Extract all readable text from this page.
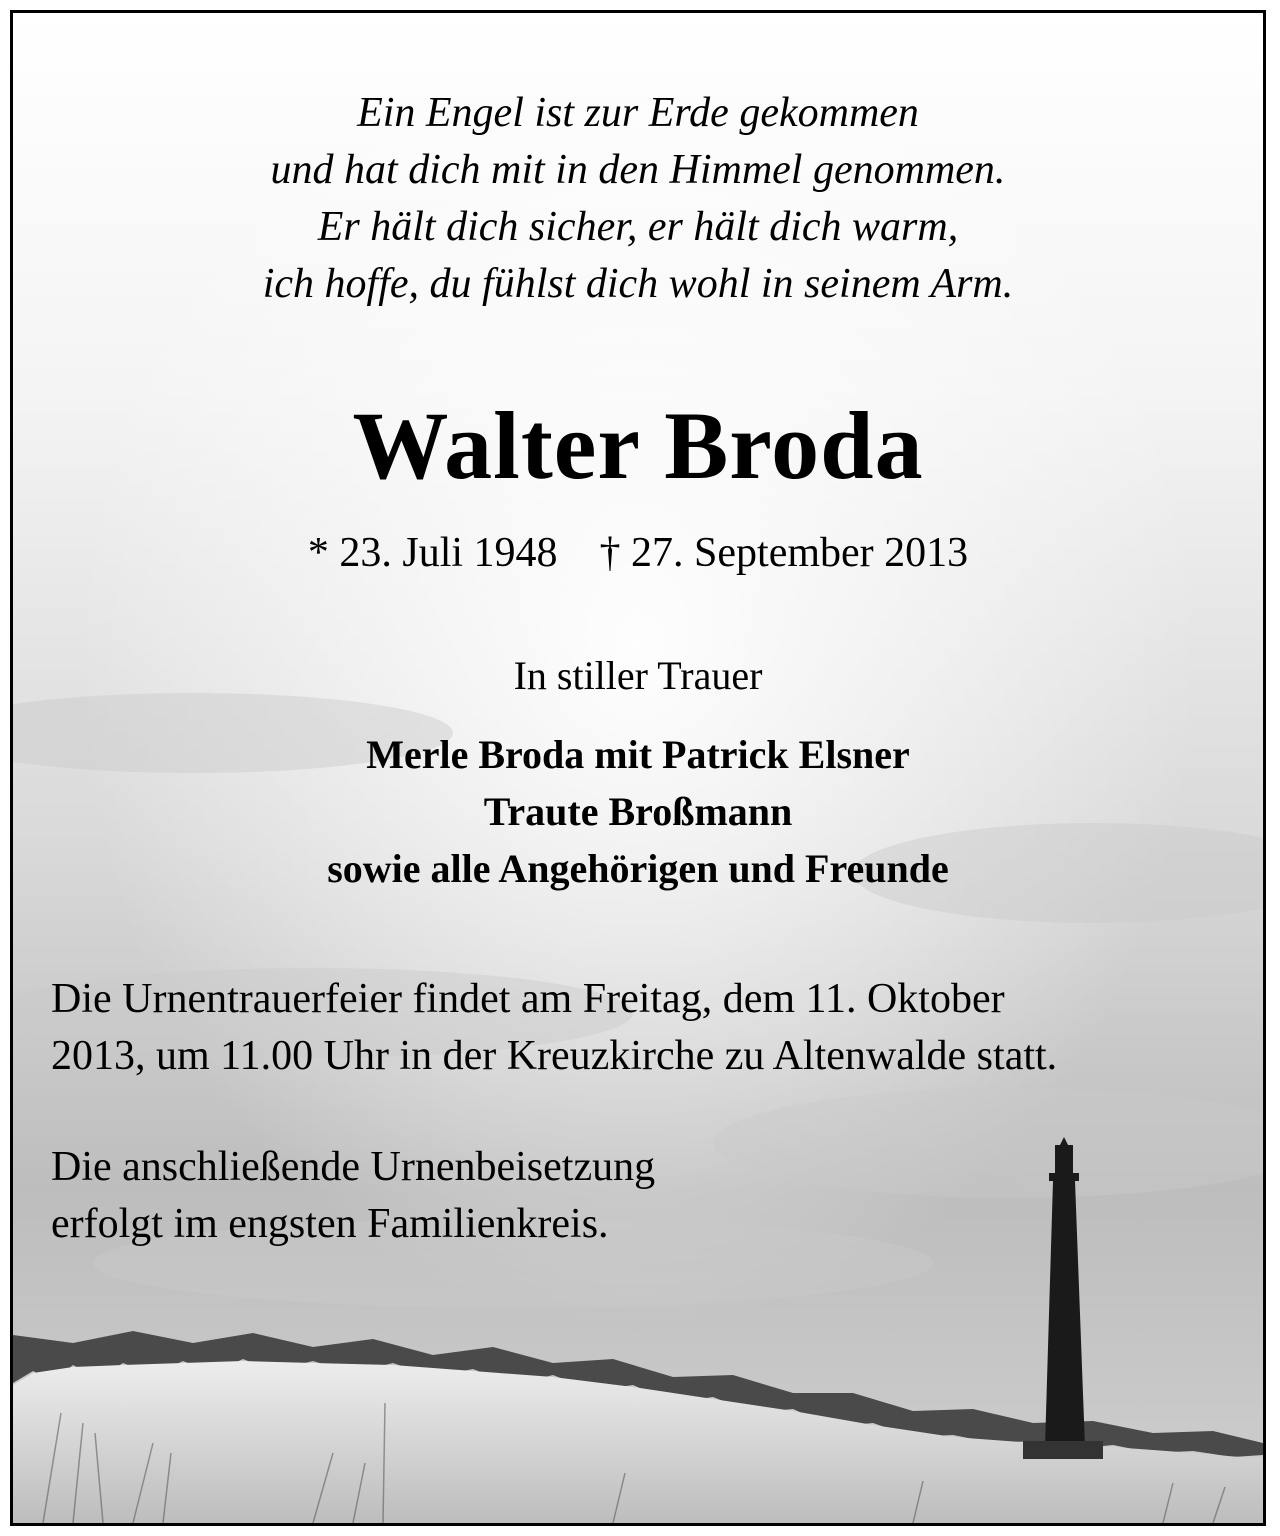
Ein Engel ist zur Erde gekommen
und hat dich mit in den Himmel genommen.
Er hält dich sicher, er hält dich warm,
ich hoffe, du fühlst dich wohl in seinem Arm.
Walter Broda
* 23. Juli 1948 † 27. September 2013
In stiller Trauer
Merle Broda mit Patrick Elsner
Traute Broßmann
sowie alle Angehörigen und Freunde
Die Urnentrauerfeier findet am Freitag, dem 11. Oktober
2013, um 11.00 Uhr in der Kreuzkirche zu Altenwalde statt.
Die anschließende Urnenbeisetzung
erfolgt im engsten Familienkreis.
